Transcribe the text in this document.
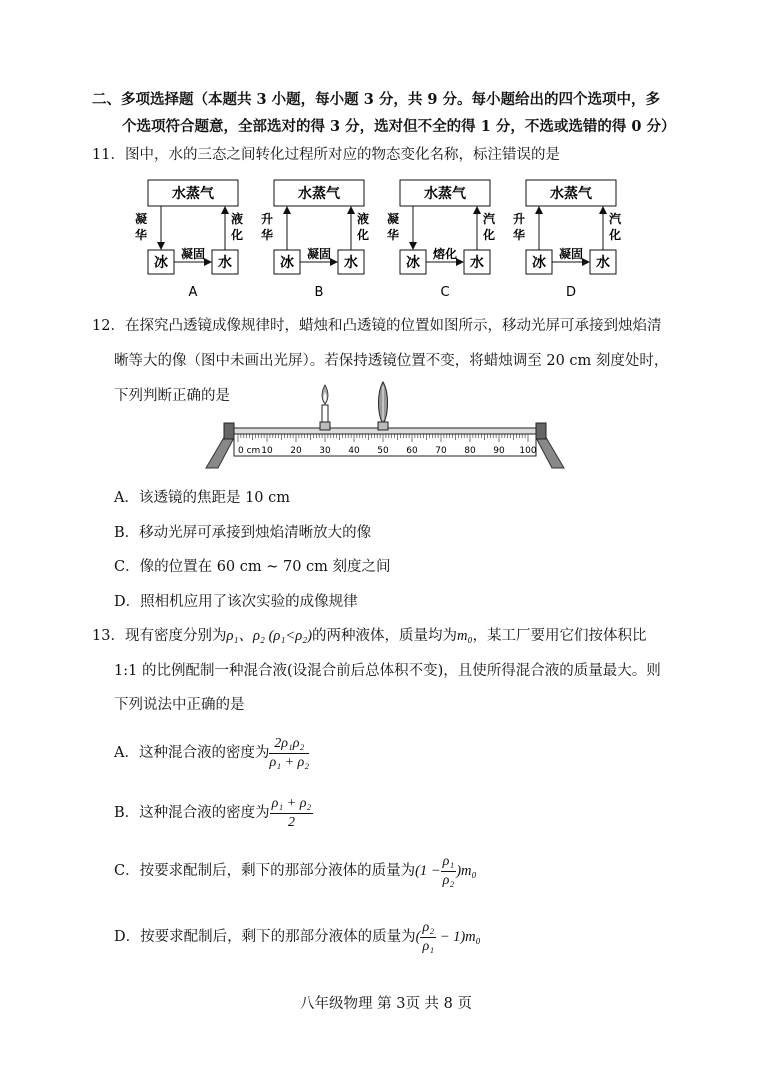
二、多项选择题（本题共 3 小题，每小题 3 分，共 9 分。每小题给出的四个选项中，多
个选项符合题意，全部选对的得 3 分，选对但不全的得 1 分，不选或选错的得 0 分）
11．图中，水的三态之间转化过程所对应的物态变化名称，标注错误的是
水蒸气
冰	水
凝
华
液
化
凝固
A
水蒸气
冰	水
升
华
液
化
凝固
B
水蒸气
冰	水
凝
华
汽
化
熔化
C
水蒸气
冰	水
升
华
汽
化
凝固
D
12．在探究凸透镜成像规律时，蜡烛和凸透镜的位置如图所示，移动光屏可承接到烛焰清
晰等大的像（图中未画出光屏）。若保持透镜位置不变，将蜡烛调至 20 cm 刻度处时，
下列判断正确的是
0 cm 10 20 30 40 50 60 70 80 90 100
A．该透镜的焦距是 10 cm
B．移动光屏可承接到烛焰清晰放大的像
C．像的位置在 60 cm ~ 70 cm 刻度之间
D．照相机应用了该次实验的成像规律
13．现有密度分别为ρ₁、ρ₂ (ρ₁<ρ₂)的两种液体，质量均为m₀，某工厂要用它们按体积比
1:1 的比例配制一种混合液(设混合前后总体积不变)，且使所得混合液的质量最大。则
下列说法中正确的是
A．这种混合液的密度为 $\frac{\text{2ρ₁ρ₂}}{\text{ρ₁ + ρ₂}}$
B．这种混合液的密度为 $\frac{\text{ρ₁ + ρ₂}}{2}$
C．按要求配制后，剩下的那部分液体的质量为$(1 - \frac{\text{ρ₁}}{\text{ρ₂}} )m_0$
D．按要求配制后，剩下的那部分液体的质量为( $\frac{\text{ρ₂}}{\text{ρ₁}} - 1)m_0$
八年级物理 第 3页 共 8 页
